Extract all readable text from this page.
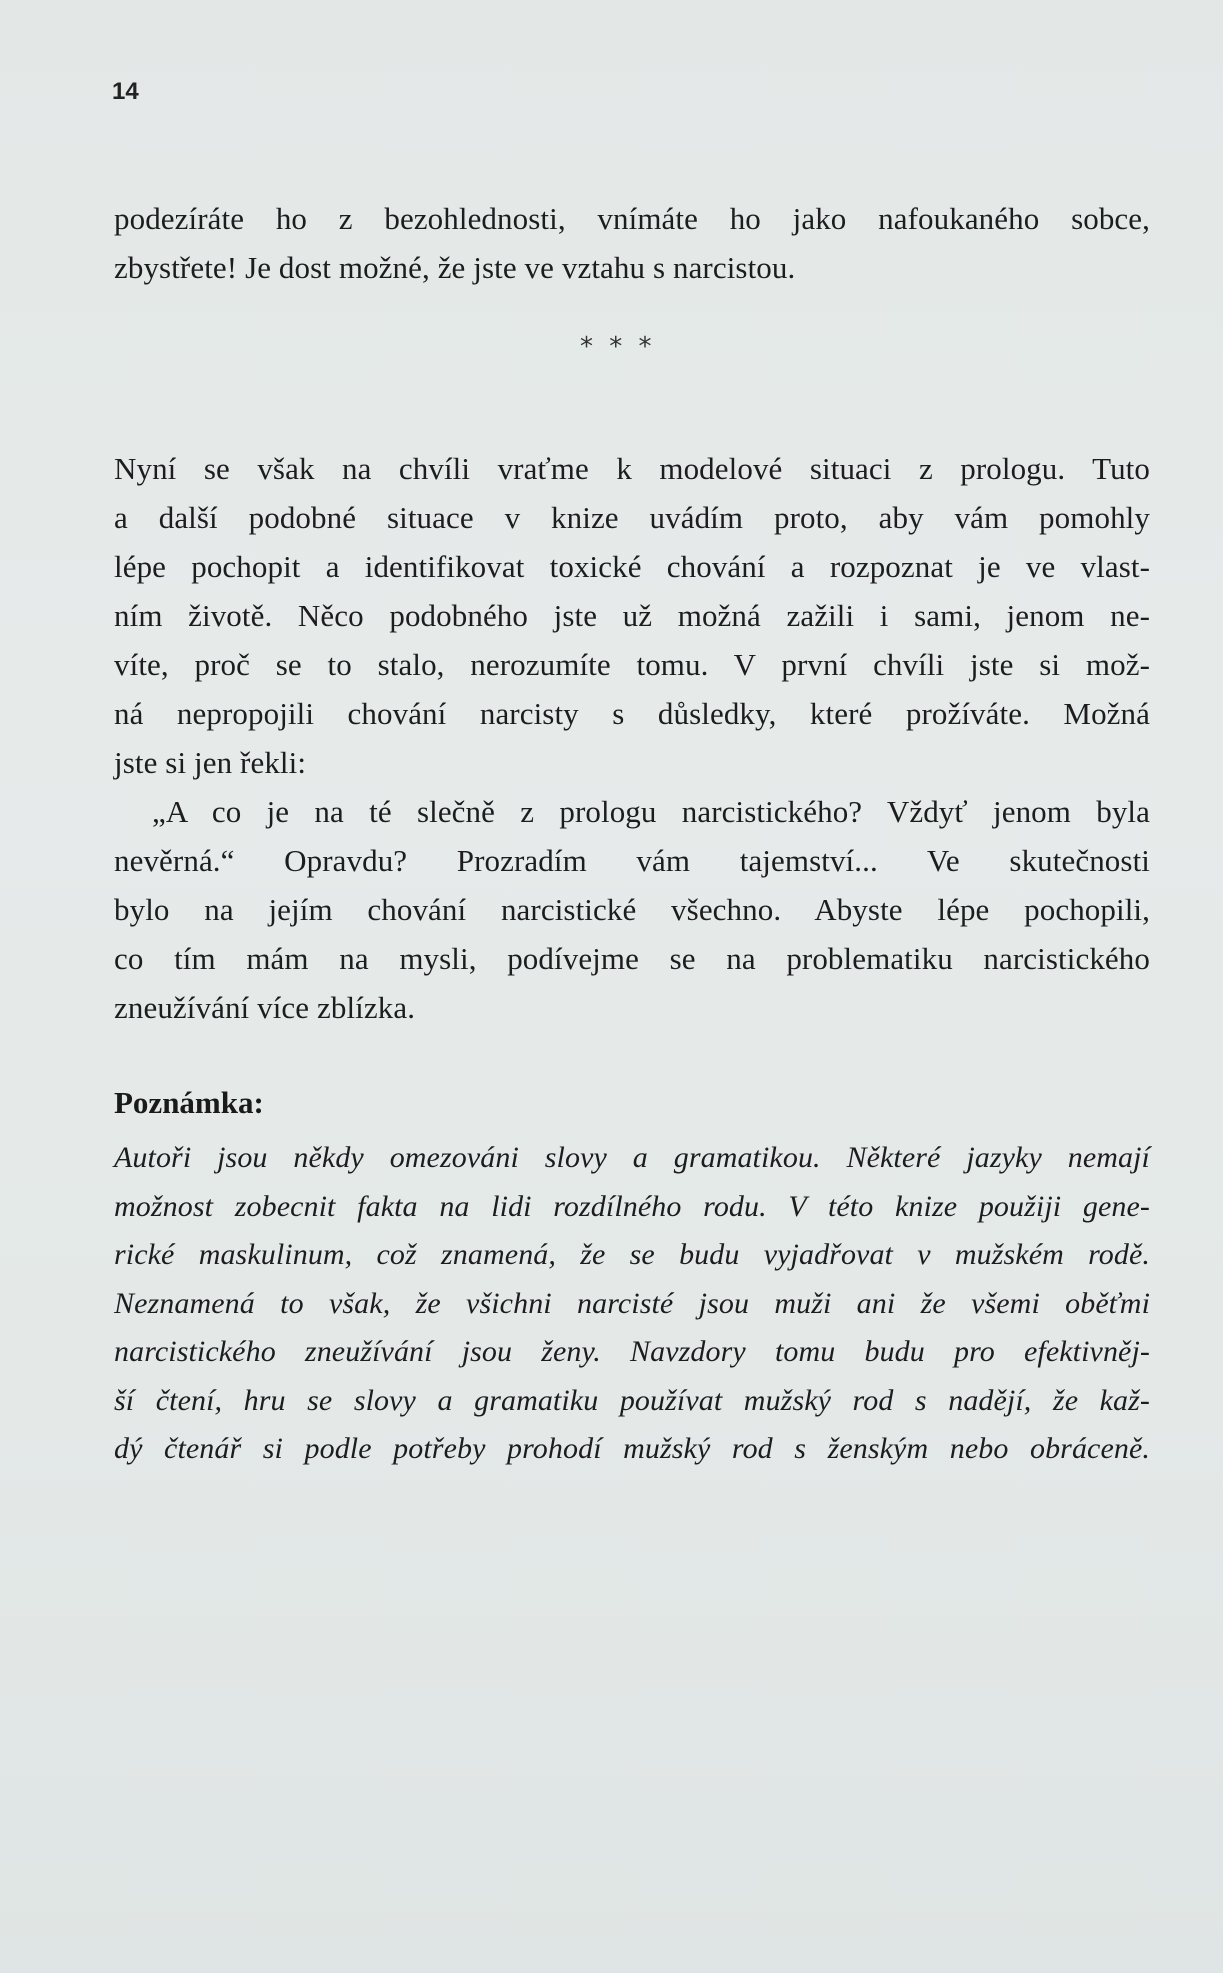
14
podezíráte ho z bezohlednosti, vnímáte ho jako nafoukaného sobce,
zbystřete! Je dost možné, že jste ve vztahu s narcistou.
* * *
Nyní se však na chvíli vraťme k modelové situaci z prologu. Tuto
a další podobné situace v knize uvádím proto, aby vám pomohly
lépe pochopit a identifikovat toxické chování a rozpoznat je ve vlast-
ním životě. Něco podobného jste už možná zažili i sami, jenom ne-
víte, proč se to stalo, nerozumíte tomu. V první chvíli jste si mož-
ná nepropojili chování narcisty s důsledky, které prožíváte. Možná
jste si jen řekli:
„A co je na té slečně z prologu narcistického? Vždyť jenom byla
nevěrná.“ Opravdu? Prozradím vám tajemství... Ve skutečnosti
bylo na jejím chování narcistické všechno. Abyste lépe pochopili,
co tím mám na mysli, podívejme se na problematiku narcistického
zneužívání více zblízka.
Poznámka:
Autoři jsou někdy omezováni slovy a gramatikou. Některé jazyky nemají
možnost zobecnit fakta na lidi rozdílného rodu. V této knize použiji gene-
rické maskulinum, což znamená, že se budu vyjadřovat v mužském rodě.
Neznamená to však, že všichni narcisté jsou muži ani že všemi oběťmi
narcistického zneužívání jsou ženy. Navzdory tomu budu pro efektivněj-
ší čtení, hru se slovy a gramatiku používat mužský rod s nadějí, že kaž-
dý čtenář si podle potřeby prohodí mužský rod s ženským nebo obráceně.
